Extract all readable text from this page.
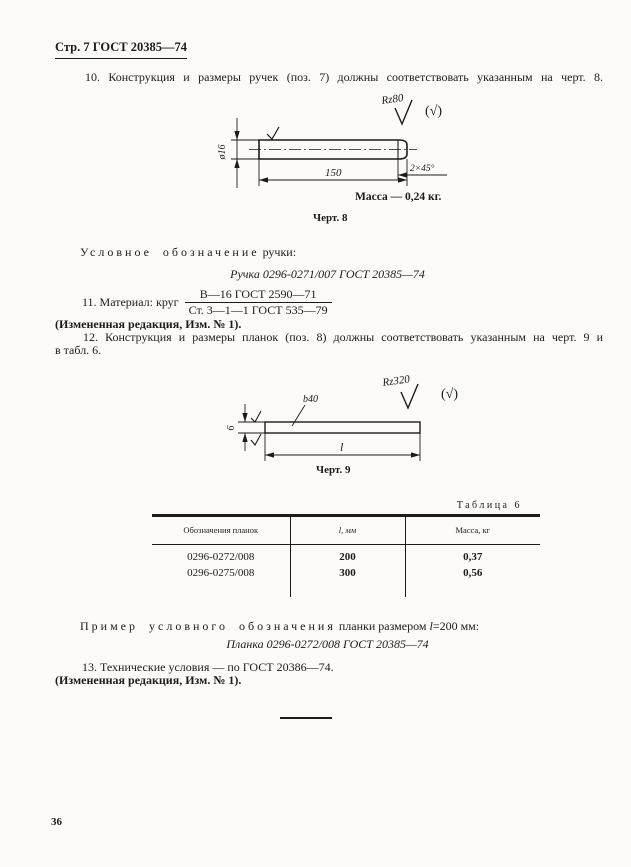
Стр. 7 ГОСТ 20385—74
10. Конструкция и размеры ручек (поз. 7) должны соответствовать указанным на черт. 8.
Rz80
(√)
ø16
150	2×45°
Масса — 0,24 кг.
Черт. 8
Условное обозначение ручки:
Ручка 0296-0271/007 ГОСТ 20385—74
11. Материал: круг $\frac{\text{В—16 ГОСТ 2590—71}}{\text{Ст. 3—1—1 ГОСТ 535—79}}$
(Измененная редакция, Изм. № 1).
12. Конструкция и размеры планок (поз. 8) должны соответствовать указанным на черт. 9 и
в табл. 6.
Rz320
(√)
b40
6
l
Черт. 9
Таблица 6
Обозначения планок	l, мм	Масса, кг
0296-0272/008	200	0,37
0296-0275/008	300	0,56

Пример условного обозначения планки размером l=200 мм:
Планка 0296-0272/008 ГОСТ 20385—74
13. Технические условия — по ГОСТ 20386—74.
(Измененная редакция, Изм. № 1).
36
